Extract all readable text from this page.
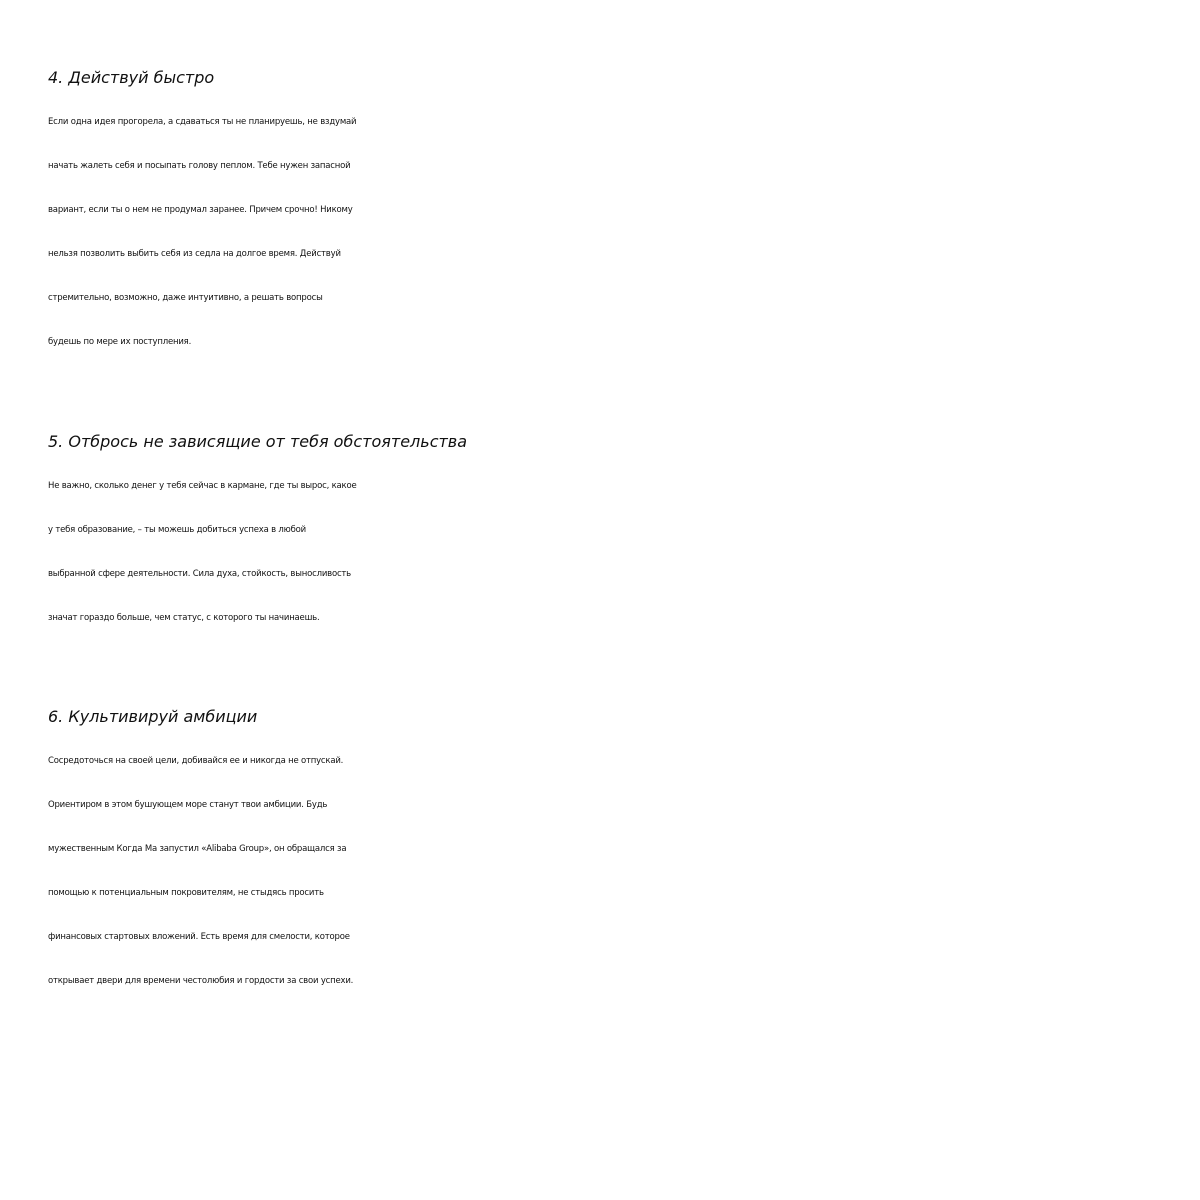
4. Действуй быстро
Если одна идея прогорела, а сдаваться ты не планируешь, не вздумай
начать жалеть себя и посыпать голову пеплом. Тебе нужен запасной
вариант, если ты о нем не продумал заранее. Причем срочно! Никому
нельзя позволить выбить себя из седла на долгое время. Действуй
стремительно, возможно, даже интуитивно, а решать вопросы
будешь по мере их поступления.
5. Отбрось не зависящие от тебя обстоятельства
Не важно, сколько денег у тебя сейчас в кармане, где ты вырос, какое
у тебя образование, – ты можешь добиться успеха в любой
выбранной сфере деятельности. Сила духа, стойкость, выносливость
значат гораздо больше, чем статус, с которого ты начинаешь.
6. Культивируй амбиции
Сосредоточься на своей цели, добивайся ее и никогда не отпускай.
Ориентиром в этом бушующем море станут твои амбиции. Будь
мужественным Когда Ма запустил «Alibaba Group», он обращался за
помощью к потенциальным покровителям, не стыдясь просить
финансовых стартовых вложений. Есть время для смелости, которое
открывает двери для времени честолюбия и гордости за свои успехи.
